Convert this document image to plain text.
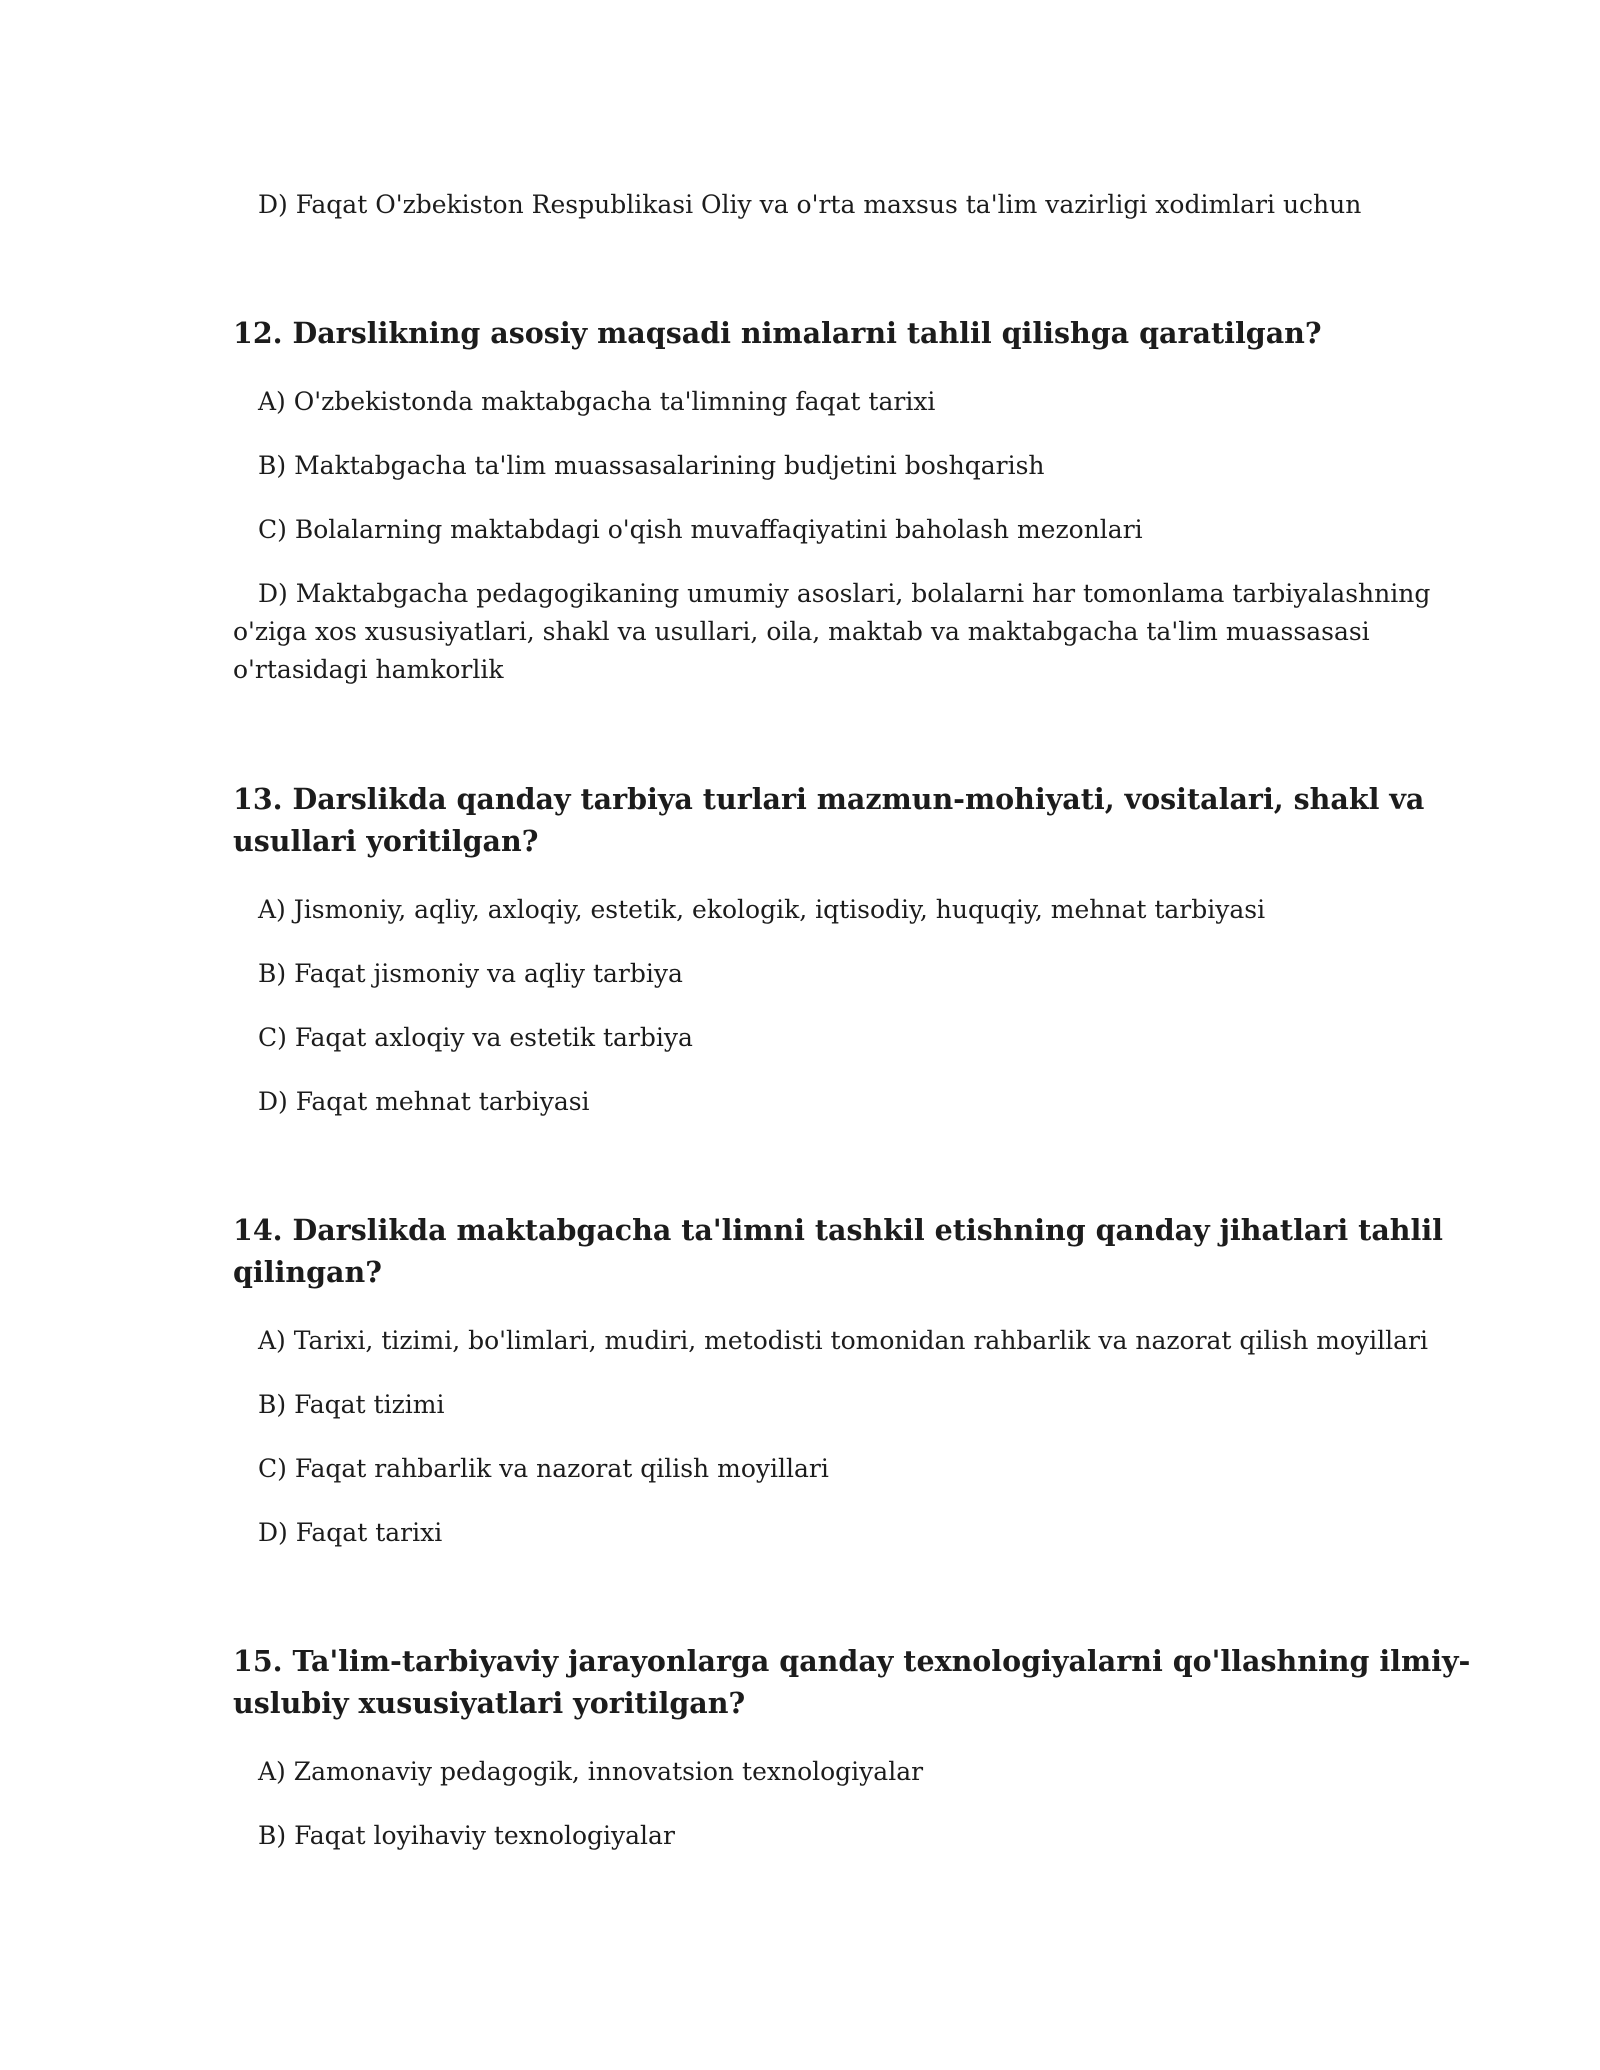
D) Faqat O'zbekiston Respublikasi Oliy va o'rta maxsus ta'lim vazirligi xodimlari uchun
12. Darslikning asosiy maqsadi nimalarni tahlil qilishga qaratilgan?
A) O'zbekistonda maktabgacha ta'limning faqat tarixi
B) Maktabgacha ta'lim muassasalarining budjetini boshqarish
C) Bolalarning maktabdagi o'qish muvaffaqiyatini baholash mezonlari
D) Maktabgacha pedagogikaning umumiy asoslari, bolalarni har tomonlama tarbiyalashning
o'ziga xos xususiyatlari, shakl va usullari, oila, maktab va maktabgacha ta'lim muassasasi
o'rtasidagi hamkorlik
13. Darslikda qanday tarbiya turlari mazmun-mohiyati, vositalari, shakl va
usullari yoritilgan?
A) Jismoniy, aqliy, axloqiy, estetik, ekologik, iqtisodiy, huquqiy, mehnat tarbiyasi
B) Faqat jismoniy va aqliy tarbiya
C) Faqat axloqiy va estetik tarbiya
D) Faqat mehnat tarbiyasi
14. Darslikda maktabgacha ta'limni tashkil etishning qanday jihatlari tahlil
qilingan?
A) Tarixi, tizimi, bo'limlari, mudiri, metodisti tomonidan rahbarlik va nazorat qilish moyillari
B) Faqat tizimi
C) Faqat rahbarlik va nazorat qilish moyillari
D) Faqat tarixi
15. Ta'lim-tarbiyaviy jarayonlarga qanday texnologiyalarni qo'llashning ilmiy-
uslubiy xususiyatlari yoritilgan?
A) Zamonaviy pedagogik, innovatsion texnologiyalar
B) Faqat loyihaviy texnologiyalar
